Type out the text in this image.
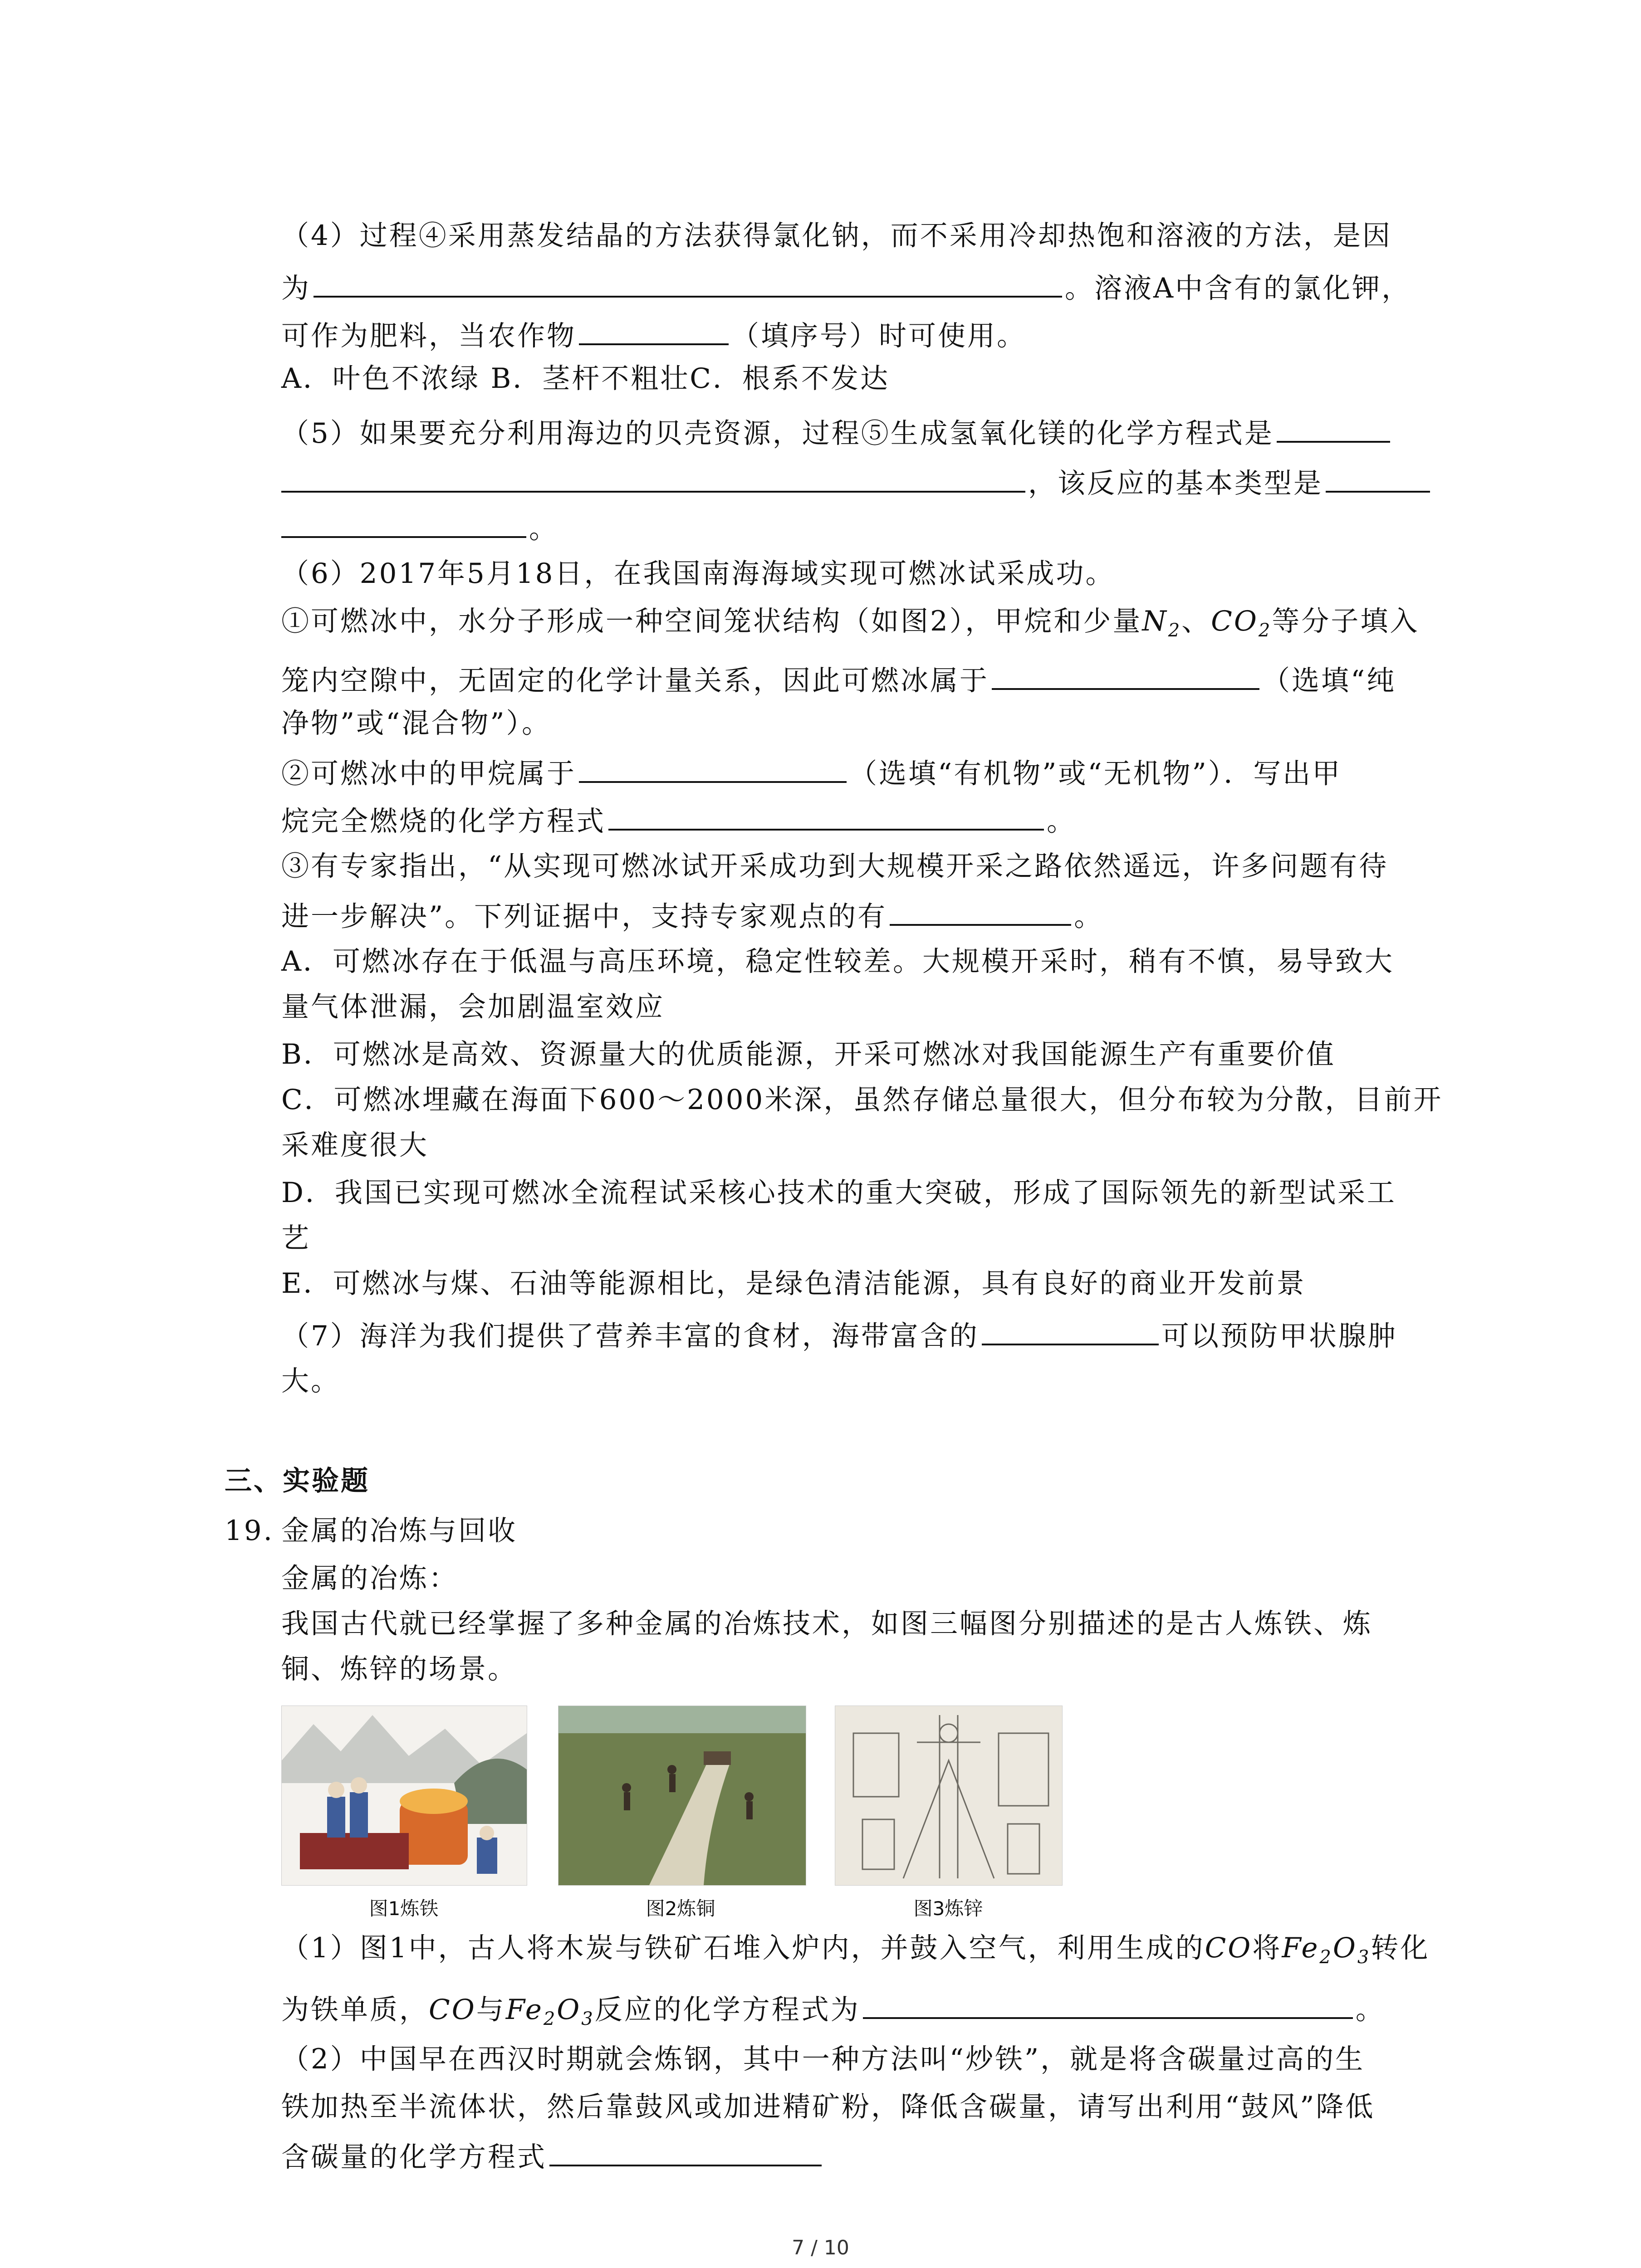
（4）过程④采用蒸发结晶的方法获得氯化钠，而不采用冷却热饱和溶液的方法，是因
为	。溶液A中含有的氯化钾，
可作为肥料，当农作物	（填序号）时可使用。
A．叶色不浓绿 B．茎杆不粗壮C．根系不发达
（5）如果要充分利用海边的贝壳资源，过程⑤生成氢氧化镁的化学方程式是
，该反应的基本类型是
。
（6）2017年5月18日，在我国南海海域实现可燃冰试采成功。
①可燃冰中，水分子形成一种空间笼状结构（如图2），甲烷和少量$N_2$、$CO_2$等分子填入
笼内空隙中，无固定的化学计量关系，因此可燃冰属于	（选填“纯
净物”或“混合物”）。
②可燃冰中的甲烷属于	（选填“有机物”或“无机物”）．写出甲
烷完全燃烧的化学方程式	。
③有专家指出，“从实现可燃冰试开采成功到大规模开采之路依然遥远，许多问题有待
进一步解决”。下列证据中，支持专家观点的有	。
A．可燃冰存在于低温与高压环境，稳定性较差。大规模开采时，稍有不慎，易导致大
量气体泄漏，会加剧温室效应
B．可燃冰是高效、资源量大的优质能源，开采可燃冰对我国能源生产有重要价值
C．可燃冰埋藏在海面下600～2000米深，虽然存储总量很大，但分布较为分散，目前开
采难度很大
D．我国已实现可燃冰全流程试采核心技术的重大突破，形成了国际领先的新型试采工
艺
E．可燃冰与煤、石油等能源相比，是绿色清洁能源，具有良好的商业开发前景
（7）海洋为我们提供了营养丰富的食材，海带富含的	可以预防甲状腺肿
大。
三、实验题
19. 金属的冶炼与回收
金属的冶炼：
我国古代就已经掌握了多种金属的冶炼技术，如图三幅图分别描述的是古人炼铁、炼
铜、炼锌的场景。
图1炼铁	图2炼铜	图3炼锌
（1）图1中，古人将木炭与铁矿石堆入炉内，并鼓入空气，利用生成的CO将$Fe_2O_3$转化
为铁单质，CO与$Fe_2O_3$反应的化学方程式为	。
（2）中国早在西汉时期就会炼钢，其中一种方法叫“炒铁”，就是将含碳量过高的生
铁加热至半流体状，然后靠鼓风或加进精矿粉，降低含碳量，请写出利用“鼓风”降低
含碳量的化学方程式
7 / 10
